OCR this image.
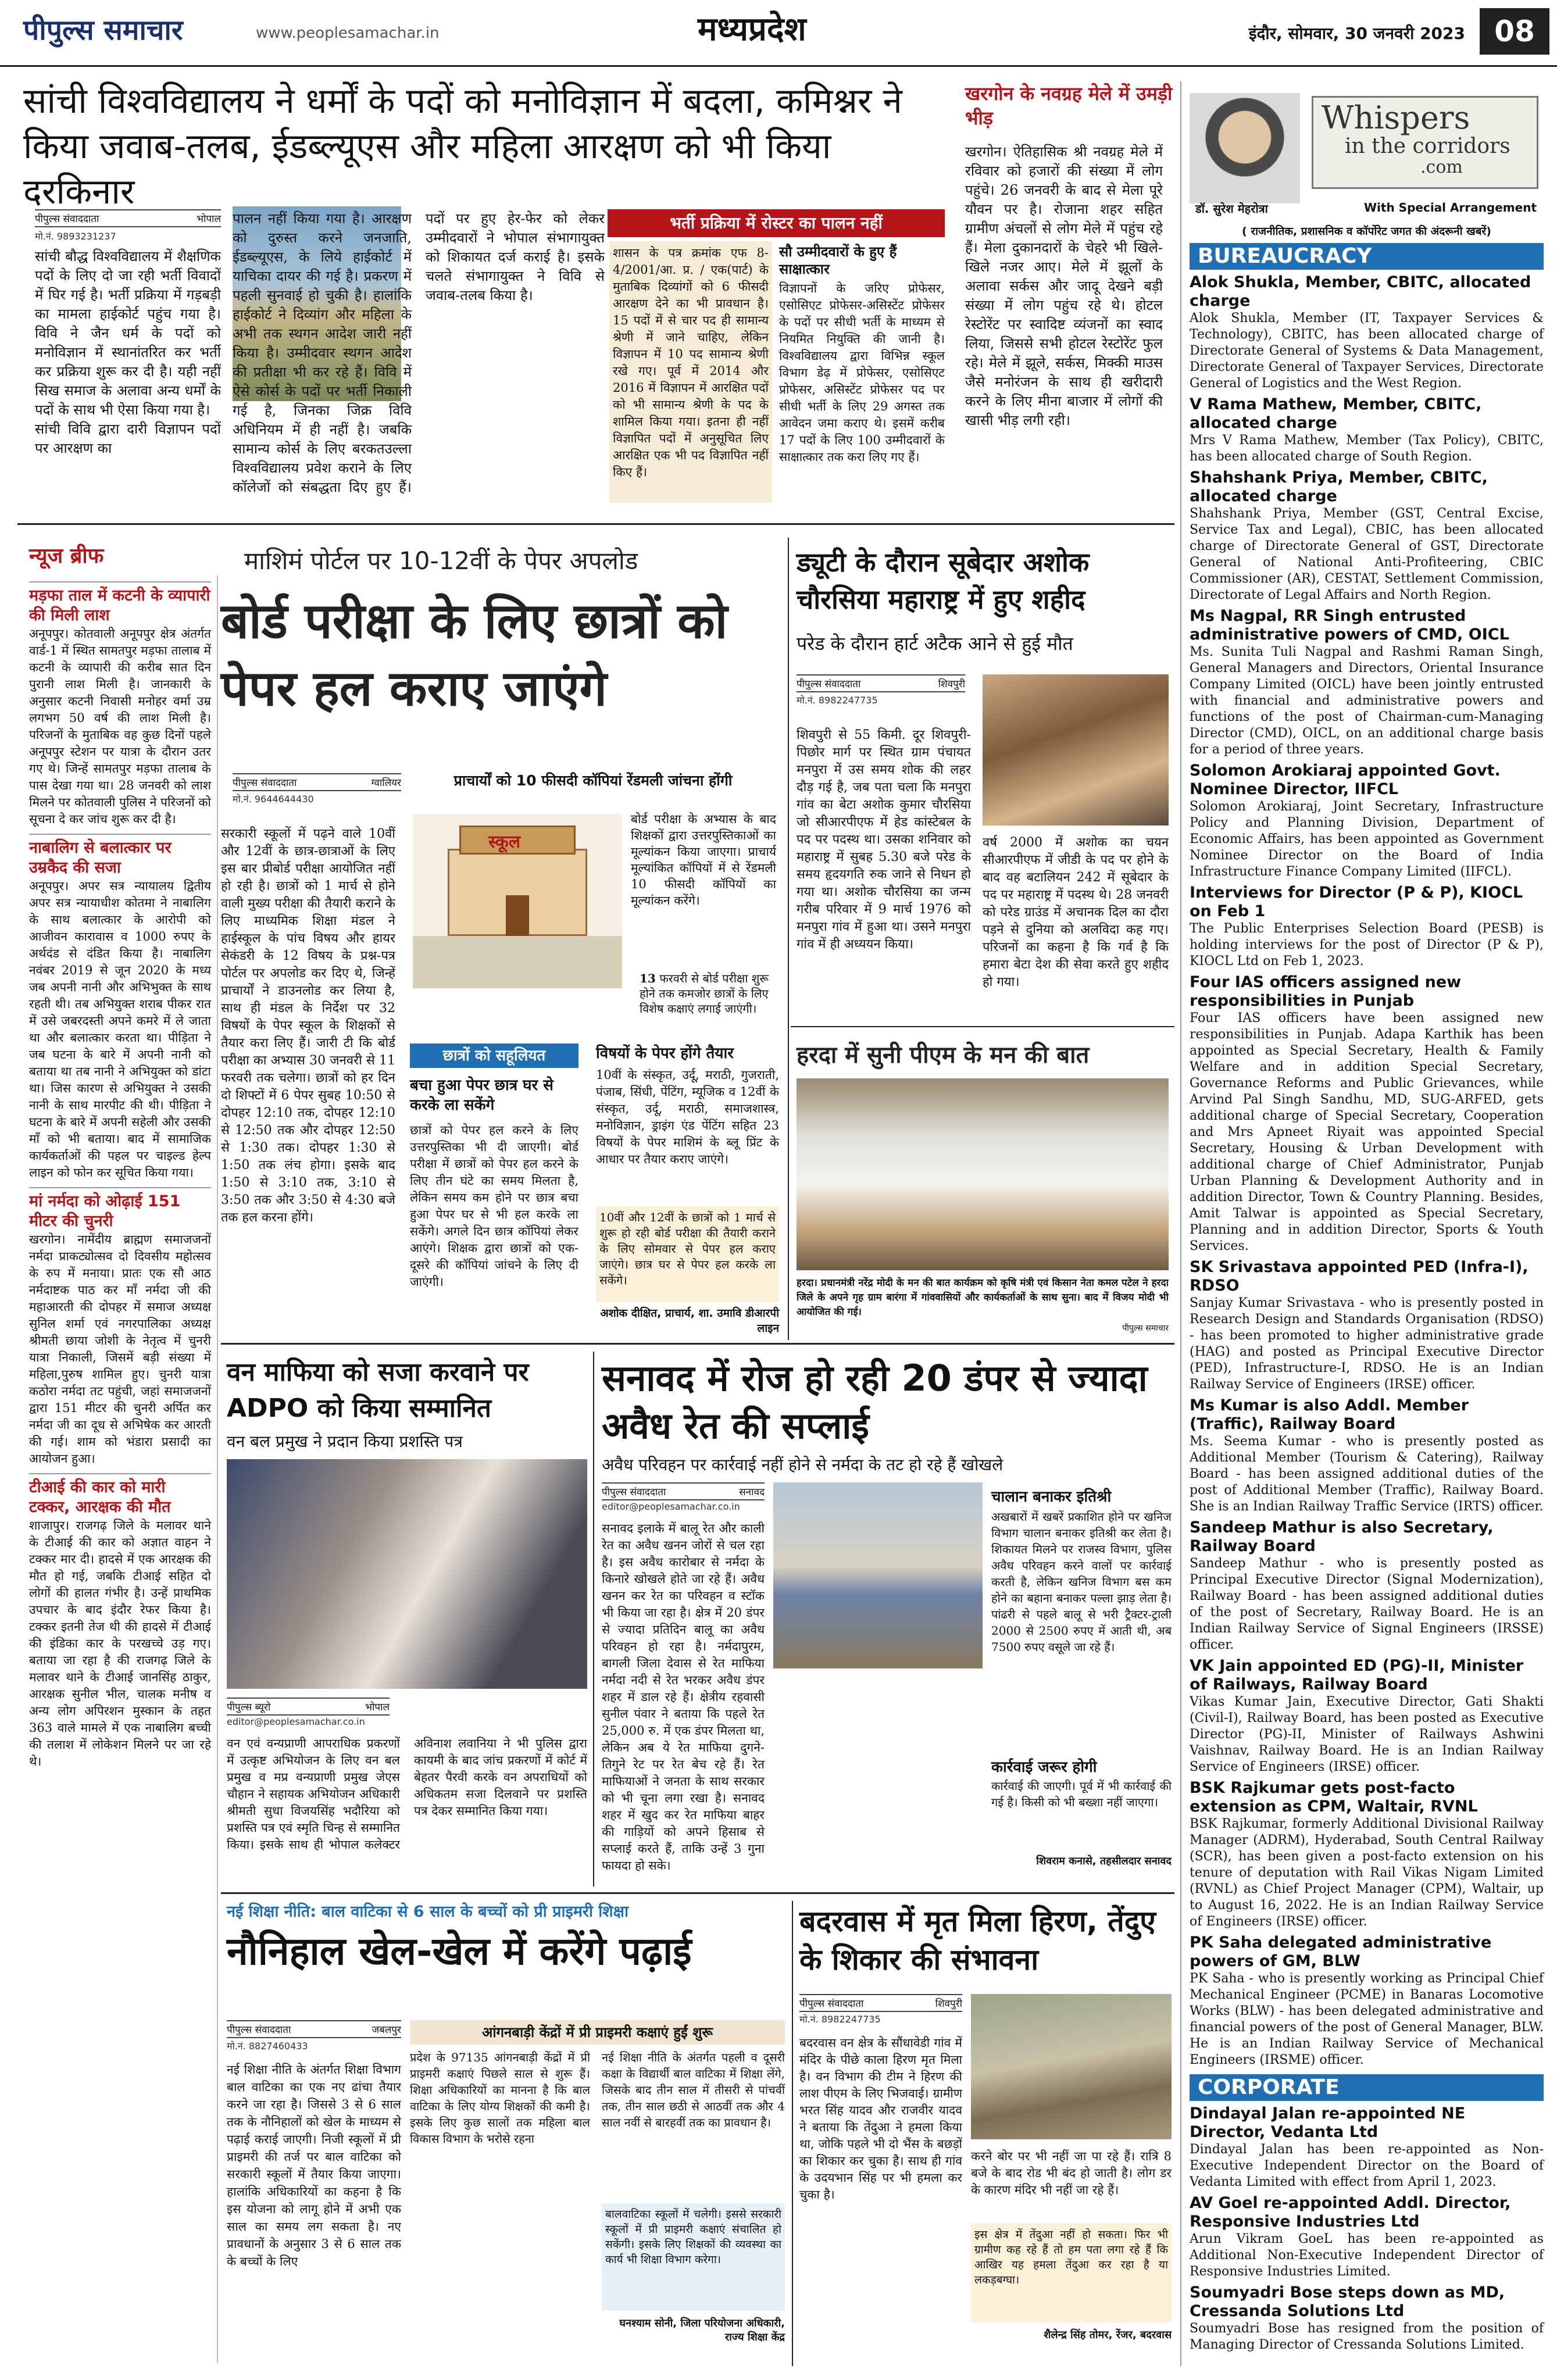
पीपुल्स समाचार	www.peoplesamachar.in	मध्यप्रदेश	इंदौर, सोमवार, 30 जनवरी 2023	08
सांची विश्वविद्यालय ने धर्मों के पदों को मनोविज्ञान में बदला, कमिश्नर ने किया जवाब-तलब, ईडब्ल्यूएस और महिला आरक्षण को भी किया दरकिनार
पीपुल्स संवाददाता	भोपाल
मो.नं. 9893231237
सांची बौद्ध विश्वविद्यालय में शैक्षणिक पदों के लिए दो जा रही भर्ती विवादों में घिर गई है। भर्ती प्रक्रिया में गड़बड़ी का मामला हाईकोर्ट पहुंच गया है। विवि ने जैन धर्म के पदों को मनोविज्ञान में स्थानांतरित कर भर्ती कर प्रक्रिया शुरू कर दी है। यही नहीं सिख समाज के अलावा अन्य धर्मों के पदों के साथ भी ऐसा किया गया है।
सांची विवि द्वारा दारी विज्ञापन पदों पर आरक्षण का
पालन नहीं किया गया है। आरक्षण को दुरुस्त करने जनजाति, ईडब्ल्यूएस, के लिये हाईकोर्ट में याचिका दायर की गई है। प्रकरण में पहली सुनवाई हो चुकी है। हालांकि हाईकोर्ट ने दिव्यांग और महिला के अभी तक स्थगन आदेश जारी नहीं किया है। उम्मीदवार स्थगन आदेश की प्रतीक्षा भी कर रहे हैं। विवि में ऐसे कोर्स के पदों पर भर्ती निकाली गई है, जिनका जिक्र विवि अधिनियम में ही नहीं है। जबकि सामान्य कोर्स के लिए बरकतउल्ला विश्वविद्यालय प्रवेश कराने के लिए कॉलेजों को संबद्धता दिए हुए हैं। पदों पर हुए हेर-फेर को लेकर उम्मीदवारों ने भोपाल संभागायुक्त को शिकायत दर्ज कराई है। इसके चलते संभागायुक्त ने विवि से जवाब-तलब किया है।
भर्ती प्रक्रिया में रोस्टर का पालन नहीं
शासन के पत्र क्रमांक एफ 8-4/2001/आ. प्र. / एक(पार्ट) के मुताबिक दिव्यांगों को 6 फीसदी आरक्षण देने का भी प्रावधान है। 15 पदों में से चार पद ही सामान्य श्रेणी में जाने चाहिए, लेकिन विज्ञापन में 10 पद सामान्य श्रेणी रखे गए। पूर्व में 2014 और 2016 में विज्ञापन में आरक्षित पदों को भी सामान्य श्रेणी के पद के शामिल किया गया। इतना ही नहीं विज्ञापित पदों में अनुसूचित लिए आरक्षित एक भी पद विज्ञापित नहीं किए हैं।
सौ उम्मीदवारों के हुए हैं साक्षात्कार
विज्ञापनों के जरिए प्रोफेसर, एसोसिएट प्रोफेसर-असिस्टेंट प्रोफेसर के पदों पर सीधी भर्ती के माध्यम से नियमित नियुक्ति की जानी है। विश्वविद्यालय द्वारा विभिन्न स्कूल विभाग डेढ़ में प्रोफेसर, एसोसिएट प्रोफेसर, असिस्टेंट प्रोफेसर पद पर सीधी भर्ती के लिए 29 अगस्त तक आवेदन जमा कराए थे। इसमें करीब 17 पदों के लिए 100 उम्मीदवारों के साक्षात्कार तक करा लिए गए हैं।
खरगोन के नवग्रह मेले में उमड़ी भीड़
खरगोन। ऐतिहासिक श्री नवग्रह मेले में रविवार को हजारों की संख्या में लोग पहुंचे। 26 जनवरी के बाद से मेला पूरे यौवन पर है। रोजाना शहर सहित ग्रामीण अंचलों से लोग मेले में पहुंच रहे हैं। मेला दुकानदारों के चेहरे भी खिले-खिले नजर आए। मेले में झूलों के अलावा सर्कस और जादू देखने बड़ी संख्या में लोग पहुंच रहे थे। होटल रेस्टोरेंट पर स्वादिष्ट व्यंजनों का स्वाद लिया, जिससे सभी होटल रेस्टोरेंट फुल रहे। मेले में झूले, सर्कस, मिक्की माउस जैसे मनोरंजन के साथ ही खरीदारी करने के लिए मीना बाजार में लोगों की खासी भीड़ लगी रही।
Whispers
in the corridors
.com
डॉ. सुरेश मेहरोत्रा	With Special Arrangement
( राजनीतिक, प्रशासनिक व कॉर्पोरेट जगत की अंदरूनी खबरें)
BUREAUCRACY
Alok Shukla, Member, CBITC, allocated charge
Alok Shukla, Member (IT, Taxpayer Services & Technology), CBITC, has been allocated charge of Directorate General of Systems & Data Management, Directorate General of Taxpayer Services, Directorate General of Logistics and the West Region.
V Rama Mathew, Member, CBITC, allocated charge
Mrs V Rama Mathew, Member (Tax Policy), CBITC, has been allocated charge of South Region.
Shahshank Priya, Member, CBITC, allocated charge
Shahshank Priya, Member (GST, Central Excise, Service Tax and Legal), CBIC, has been allocated charge of Directorate General of GST, Directorate General of National Anti-Profiteering, CBIC Commissioner (AR), CESTAT, Settlement Commission, Directorate of Legal Affairs and North Region.
Ms Nagpal, RR Singh entrusted administrative powers of CMD, OICL
Ms. Sunita Tuli Nagpal and Rashmi Raman Singh, General Managers and Directors, Oriental Insurance Company Limited (OICL) have been jointly entrusted with financial and administrative powers and functions of the post of Chairman-cum-Managing Director (CMD), OICL, on an additional charge basis for a period of three years.
Solomon Arokiaraj appointed Govt. Nominee Director, IIFCL
Solomon Arokiaraj, Joint Secretary, Infrastructure Policy and Planning Division, Department of Economic Affairs, has been appointed as Government Nominee Director on the Board of India Infrastructure Finance Company Limited (IIFCL).
Interviews for Director (P & P), KIOCL on Feb 1
The Public Enterprises Selection Board (PESB) is holding interviews for the post of Director (P & P), KIOCL Ltd on Feb 1, 2023.
Four IAS officers assigned new responsibilities in Punjab
Four IAS officers have been assigned new responsibilities in Punjab. Adapa Karthik has been appointed as Special Secretary, Health & Family Welfare and in addition Special Secretary, Governance Reforms and Public Grievances, while Arvind Pal Singh Sandhu, MD, SUG-ARFED, gets additional charge of Special Secretary, Cooperation and Mrs Apneet Riyait was appointed Special Secretary, Housing & Urban Development with additional charge of Chief Administrator, Punjab Urban Planning & Development Authority and in addition Director, Town & Country Planning. Besides, Amit Talwar is appointed as Special Secretary, Planning and in addition Director, Sports & Youth Services.
SK Srivastava appointed PED (Infra-I), RDSO
Sanjay Kumar Srivastava - who is presently posted in Research Design and Standards Organisation (RDSO) - has been promoted to higher administrative grade (HAG) and posted as Principal Executive Director (PED), Infrastructure-I, RDSO. He is an Indian Railway Service of Engineers (IRSE) officer.
Ms Kumar is also Addl. Member (Traffic), Railway Board
Ms. Seema Kumar - who is presently posted as Additional Member (Tourism & Catering), Railway Board - has been assigned additional duties of the post of Additional Member (Traffic), Railway Board. She is an Indian Railway Traffic Service (IRTS) officer.
Sandeep Mathur is also Secretary, Railway Board
Sandeep Mathur - who is presently posted as Principal Executive Director (Signal Modernization), Railway Board - has been assigned additional duties of the post of Secretary, Railway Board. He is an Indian Railway Service of Signal Engineers (IRSSE) officer.
VK Jain appointed ED (PG)-II, Minister of Railways, Railway Board
Vikas Kumar Jain, Executive Director, Gati Shakti (Civil-I), Railway Board, has been posted as Executive Director (PG)-II, Minister of Railways Ashwini Vaishnav, Railway Board. He is an Indian Railway Service of Engineers (IRSE) officer.
BSK Rajkumar gets post-facto extension as CPM, Waltair, RVNL
BSK Rajkumar, formerly Additional Divisional Railway Manager (ADRM), Hyderabad, South Central Railway (SCR), has been given a post-facto extension on his tenure of deputation with Rail Vikas Nigam Limited (RVNL) as Chief Project Manager (CPM), Waltair, up to August 16, 2022. He is an Indian Railway Service of Engineers (IRSE) officer.
PK Saha delegated administrative powers of GM, BLW
PK Saha - who is presently working as Principal Chief Mechanical Engineer (PCME) in Banaras Locomotive Works (BLW) - has been delegated administrative and financial powers of the post of General Manager, BLW. He is an Indian Railway Service of Mechanical Engineers (IRSME) officer.
CORPORATE
Dindayal Jalan re-appointed NE Director, Vedanta Ltd
Dindayal Jalan has been re-appointed as Non-Executive Independent Director on the Board of Vedanta Limited with effect from April 1, 2023.
AV Goel re-appointed Addl. Director, Responsive Industries Ltd
Arun Vikram GoeL has been re-appointed as Additional Non-Executive Independent Director of Responsive Industries Limited.
Soumyadri Bose steps down as MD, Cressanda Solutions Ltd
Soumyadri Bose has resigned from the position of Managing Director of Cressanda Solutions Limited.
न्यूज ब्रीफ
मड़फा ताल में कटनी के व्यापारी की मिली लाश
अनूपपुर। कोतवाली अनूपपुर क्षेत्र अंतर्गत वार्ड-1 में स्थित सामतपुर मड़फा तालाब में कटनी के व्यापारी की करीब सात दिन पुरानी लाश मिली है। जानकारी के अनुसार कटनी निवासी मनोहर वर्मा उम्र लगभग 50 वर्ष की लाश मिली है। परिजनों के मुताबिक वह कुछ दिनों पहले अनूपपुर स्टेशन पर यात्रा के दौरान उतर गए थे। जिन्हें सामतपुर मड़फा तालाब के पास देखा गया था। 28 जनवरी को लाश मिलने पर कोतवाली पुलिस ने परिजनों को सूचना दे कर जांच शुरू कर दी है।
नाबालिग से बलात्कार पर उम्रकैद की सजा
अनूपपुर। अपर सत्र न्यायालय द्वितीय अपर सत्र न्यायाधीश कोतमा ने नाबालिग के साथ बलात्कार के आरोपी को आजीवन कारावास व 1000 रुपए के अर्थदंड से दंडित किया है। नाबालिग नवंबर 2019 से जून 2020 के मध्य जब अपनी नानी और अभिभुक्त के साथ रहती थी। तब अभियुक्त शराब पीकर रात में उसे जबरदस्ती अपने कमरे में ले जाता था और बलात्कार करता था। पीड़िता ने जब घटना के बारे में अपनी नानी को बताया था तब नानी ने अभियुक्त को डांटा था। जिस कारण से अभियुक्त ने उसकी नानी के साथ मारपीट की थी। पीड़िता ने घटना के बारे में अपनी सहेली और उसकी माँ को भी बताया। बाद में सामाजिक कार्यकर्ताओं की पहल पर चाइल्ड हेल्प लाइन को फोन कर सूचित किया गया।
मां नर्मदा को ओढ़ाई 151 मीटर की चुनरी
खरगोन। नामेंदीय ब्राह्मण समाजजनों नर्मदा प्राकट्योत्सव दो दिवसीय महोत्सव के रुप में मनाया। प्रातः एक सौ आठ नर्मदाष्टक पाठ कर माँ नर्मदा जी की महाआरती की दोपहर में समाज अध्यक्ष सुनिल शर्मा एवं नगरपालिका अध्यक्ष श्रीमती छाया जोशी के नेतृत्व में चुनरी यात्रा निकाली, जिसमें बड़ी संख्या में महिला,पुरुष शामिल हुए। चुनरी यात्रा कठोरा नर्मदा तट पहुंची, जहां समाजजनों द्वारा 151 मीटर की चुनरी अर्पित कर नर्मदा जी का दूध से अभिषेक कर आरती की गई। शाम को भंडारा प्रसादी का आयोजन हुआ।
टीआई की कार को मारी टक्कर, आरक्षक की मौत
शाजापुर। राजगढ़ जिले के मलावर थाने के टीआई की कार को अज्ञात वाहन ने टक्कर मार दी। हादसे में एक आरक्षक की मौत हो गई, जबकि टीआई सहित दो लोगों की हालत गंभीर है। उन्हें प्राथमिक उपचार के बाद इंदौर रेफर किया है। टक्कर इतनी तेज थी की हादसे में टीआई की इंडिका कार के परखच्चे उड़ गए। बताया जा रहा है की राजगढ़ जिले के मलावर थाने के टीआई जानसिंह ठाकुर, आरक्षक सुनील भील, चालक मनीष व अन्य लोग अपिरशन मुस्कान के तहत 363 वाले मामले में एक नाबालिग बच्ची की तलाश में लोकेशन मिलने पर जा रहे थे।
माशिमं पोर्टल पर 10-12वीं के पेपर अपलोड
बोर्ड परीक्षा के लिए छात्रों को पेपर हल कराए जाएंगे
पीपुल्स संवाददाता	ग्वालियर
मो.नं. 9644644430
सरकारी स्कूलों में पढ़ने वाले 10वीं और 12वीं के छात्र-छात्राओं के लिए इस बार प्रीबोर्ड परीक्षा आयोजित नहीं हो रही है। छात्रों को 1 मार्च से होने वाली मुख्य परीक्षा की तैयारी कराने के लिए माध्यमिक शिक्षा मंडल ने हाईस्कूल के पांच विषय और हायर सेकंडरी के 12 विषय के प्रश्न-पत्र पोर्टल पर अपलोड कर दिए थे, जिन्हें प्राचार्यों ने डाउनलोड कर लिया है, साथ ही मंडल के निर्देश पर 32 विषयों के पेपर स्कूल के शिक्षकों से तैयार करा लिए हैं। जारी टी कि बोर्ड परीक्षा का अभ्यास 30 जनवरी से 11 फरवरी तक चलेगा। छात्रों को हर दिन दो शिफ्टों में 6 पेपर सुबह 10:50 से दोपहर 12:10 तक, दोपहर 12:10 से 12:50 तक और दोपहर 12:50 से 1:30 तक। दोपहर 1:30 से 1:50 तक लंच होगा। इसके बाद 1:50 से 3:10 तक, 3:10 से 3:50 तक और 3:50 से 4:30 बजे तक हल करना होंगे।
प्राचार्यों को 10 फीसदी कॉपियां रेंडमली जांचना होंगी
स्कूल
बोर्ड परीक्षा के अभ्यास के बाद शिक्षकों द्वारा उत्तरपुस्तिकाओं का मूल्यांकन किया जाएगा। प्राचार्य मूल्यांकित कॉपियों में से रेंडमली 10 फीसदी कॉपियों का मूल्यांकन करेंगे।
13 फरवरी से बोर्ड परीक्षा शुरू होने तक कमजोर छात्रों के लिए विशेष कक्षाएं लगाई जाएंगी।
छात्रों को सहूलियत
बचा हुआ पेपर छात्र घर से करके ला सकेंगे
छात्रों को पेपर हल करने के लिए उत्तरपुस्तिका भी दी जाएगी। बोर्ड परीक्षा में छात्रों को पेपर हल करने के लिए तीन घंटे का समय मिलता है, लेकिन समय कम होने पर छात्र बचा हुआ पेपर घर से भी हल करके ला सकेंगे। अगले दिन छात्र कॉपियां लेकर आएंगे। शिक्षक द्वारा छात्रों को एक-दूसरे की कॉपियां जांचने के लिए दी जाएंगी।
विषयों के पेपर होंगे तैयार
10वीं के संस्कृत, उर्दू, मराठी, गुजराती, पंजाब, सिंधी, पेंटिंग, म्यूजिक व 12वीं के संस्कृत, उर्दू, मराठी, समाजशास्त्र, मनोविज्ञान, ड्राइंग एंड पेंटिंग सहित 23 विषयों के पेपर माशिमं के ब्लू प्रिंट के आधार पर तैयार कराए जाएंगे।
10वीं और 12वीं के छात्रों को 1 मार्च से शुरू हो रही बोर्ड परीक्षा की तैयारी कराने के लिए सोमवार से पेपर हल कराए जाएंगे। छात्र घर से पेपर हल करके ला सकेंगे।
अशोक दीक्षित, प्राचार्य, शा. उमावि डीआरपी लाइन
ड्यूटी के दौरान सूबेदार अशोक चौरसिया महाराष्ट्र में हुए शहीद
परेड के दौरान हार्ट अटैक आने से हुई मौत
पीपुल्स संवाददाता	शिवपुरी
मो.नं. 8982247735
शिवपुरी से 55 किमी. दूर शिवपुरी-पिछोर मार्ग पर स्थित ग्राम पंचायत मनपुरा में उस समय शोक की लहर दौड़ गई है, जब पता चला कि मनपुरा गांव का बेटा अशोक कुमार चौरसिया जो सीआरपीएफ में हेड कांस्टेबल के पद पर पदस्थ था। उसका शनिवार को महाराष्ट्र में सुबह 5.30 बजे परेड के समय हृदयगति रुक जाने से निधन हो गया था। अशोक चौरसिया का जन्म गरीब परिवार में 9 मार्च 1976 को मनपुरा गांव में हुआ था। उसने मनपुरा गांव में ही अध्ययन किया।
वर्ष 2000 में अशोक का चयन सीआरपीएफ में जीडी के पद पर होने के बाद वह बटालियन 242 में सूबेदार के पद पर महाराष्ट्र में पदस्थ थे। 28 जनवरी को परेड ग्राउंड में अचानक दिल का दौरा पड़ने से दुनिया को अलविदा कह गए। परिजनों का कहना है कि गर्व है कि हमारा बेटा देश की सेवा करते हुए शहीद हो गया।
हरदा में सुनी पीएम के मन की बात
हरदा। प्रधानमंत्री नरेंद्र मोदी के मन की बात कार्यक्रम को कृषि मंत्री एवं किसान नेता कमल पटेल ने हरदा जिले के अपने गृह ग्राम बारंगा में गांववासियों और कार्यकर्ताओं के साथ सुना। बाद में विजय मोदी भी आयोजित की गई।
पीपुल्स समाचार
वन माफिया को सजा करवाने पर ADPO को किया सम्मानित
वन बल प्रमुख ने प्रदान किया प्रशस्ति पत्र
पीपुल्स ब्यूरो	भोपाल
editor@peoplesamachar.co.in
वन एवं वन्यप्राणी आपराधिक प्रकरणों में उत्कृष्ट अभियोजन के लिए वन बल प्रमुख व मप्र वन्यप्राणी प्रमुख जेएस चौहान ने सहायक अभियोजन अधिकारी श्रीमती सुधा विजयसिंह भदौरिया को प्रशस्ति पत्र एवं स्मृति चिन्ह से सम्मानित किया। इसके साथ ही भोपाल कलेक्टर अविनाश लवानिया ने भी पुलिस द्वारा कायमी के बाद जांच प्रकरणों में कोर्ट में बेहतर पैरवी करके वन अपराधियों को अधिकतम सजा दिलवाने पर प्रशस्ति पत्र देकर सम्मानित किया गया।
सनावद में रोज हो रही 20 डंपर से ज्यादा अवैध रेत की सप्लाई
अवैध परिवहन पर कार्रवाई नहीं होने से नर्मदा के तट हो रहे हैं खोखले
पीपुल्स संवाददाता	सनावद
editor@peoplesamachar.co.in
सनावद इलाके में बालू रेत और काली रेत का अवैध खनन जोरों से चल रहा है। इस अवैध कारोबार से नर्मदा के किनारे खोखले होते जा रहे हैं। अवैध खनन कर रेत का परिवहन व स्टॉक भी किया जा रहा है। क्षेत्र में 20 डंपर से ज्यादा प्रतिदिन बालू का अवैध परिवहन हो रहा है। नर्मदापुरम, बागली जिला देवास से रेत माफिया नर्मदा नदी से रेत भरकर अवैध डंपर शहर में डाल रहे हैं। क्षेत्रीय रहवासी सुनील पंवार ने बताया कि पहले रेत 25,000 रु. में एक डंपर मिलता था, लेकिन अब ये रेत माफिया दुगने-तिगुने रेट पर रेत बेच रहे हैं। रेत माफियाओं ने जनता के साथ सरकार को भी चूना लगा रखा है। सनावद शहर में खुद कर रेत माफिया बाहर की गाड़ियों को अपने हिसाब से सप्लाई करते हैं, ताकि उन्हें 3 गुना फायदा हो सके।
चालान बनाकर इतिश्री
अखबारों में खबरें प्रकाशित होने पर खनिज विभाग चालान बनाकर इतिश्री कर लेता है। शिकायत मिलने पर राजस्व विभाग, पुलिस अवैध परिवहन करने वालों पर कार्रवाई करती है, लेकिन खनिज विभाग बस कम होने का बहाना बनाकर पल्ला झाड़ लेता है। पांढरी से पहले बालू से भरी ट्रैक्टर-ट्राली 2000 से 2500 रुपए में आती थी, अब 7500 रुपए वसूले जा रहे हैं।
कार्रवाई जरूर होगी
कार्रवाई की जाएगी। पूर्व में भी कार्रवाई की गई है। किसी को भी बख्शा नहीं जाएगा।
शिवराम कनासे, तहसीलदार सनावद
नई शिक्षा नीति: बाल वाटिका से 6 साल के बच्चों को प्री प्राइमरी शिक्षा
नौनिहाल खेल-खेल में करेंगे पढ़ाई
पीपुल्स संवाददाता	जबलपुर
मो.नं. 8827460433
नई शिक्षा नीति के अंतर्गत शिक्षा विभाग बाल वाटिका का एक नए ढांचा तैयार करने जा रहा है। जिससे 3 से 6 साल तक के नौनिहालों को खेल के माध्यम से पढ़ाई कराई जाएगी। निजी स्कूलों में प्री प्राइमरी की तर्ज पर बाल वाटिका को सरकारी स्कूलों में तैयार किया जाएगा। हालांकि अधिकारियों का कहना है कि इस योजना को लागू होने में अभी एक साल का समय लग सकता है। नए प्रावधानों के अनुसार 3 से 6 साल तक के बच्चों के लिए
आंगनबाड़ी केंद्रों में प्री प्राइमरी कक्षाएं हुईं शुरू
प्रदेश के 97135 आंगनबाड़ी केंद्रों में प्री प्राइमरी कक्षाएं पिछले साल से शुरू हैं। शिक्षा अधिकारियों का मानना है कि बाल वाटिका के लिए योग्य शिक्षकों की कमी है। इसके लिए कुछ सालों तक महिला बाल विकास विभाग के भरोसे रहना
नई शिक्षा नीति के अंतर्गत पहली व दूसरी कक्षा के विद्यार्थी बाल वाटिका में शिक्षा लेंगे, जिसके बाद तीन साल में तीसरी से पांचवीं तक, तीन साल छठी से आठवीं तक और 4 साल नवीं से बारहवीं तक का प्रावधान है।
बालवाटिका स्कूलों में चलेगी। इससे सरकारी स्कूलों में प्री प्राइमरी कक्षाएं संचालित हो सकेंगी। इसके लिए शिक्षकों की व्यवस्था का कार्य भी शिक्षा विभाग करेगा।
घनश्याम सोनी, जिला परियोजना अधिकारी, राज्य शिक्षा केंद्र
बदरवास में मृत मिला हिरण, तेंदुए के शिकार की संभावना
पीपुल्स संवाददाता	शिवपुरी
मो.नं. 8982247735
बदरवास वन क्षेत्र के सौंधावेडी गांव में मंदिर के पीछे काला हिरण मृत मिला है। वन विभाग की टीम ने हिरण की लाश पीएम के लिए भिजवाई। ग्रामीण भरत सिंह यादव और राजवीर यादव ने बताया कि तेंदुआ ने हमला किया था, जोकि पहले भी दो भैंस के बछड़ों का शिकार कर चुका है। साथ ही गांव के उदयभान सिंह पर भी हमला कर चुका है।
करने बोर पर भी नहीं जा पा रहे हैं। रात्रि 8 बजे के बाद रोड भी बंद हो जाती है। लोग डर के कारण मंदिर भी नहीं जा रहे हैं।
इस क्षेत्र में तेंदुआ नहीं हो सकता। फिर भी ग्रामीण कह रहे हैं तो हम पता लगा रहे हैं कि आखिर यह हमला तेंदुआ कर रहा है या लकड़बग्घा।
शैलेन्द्र सिंह तोमर, रेंजर, बदरवास
